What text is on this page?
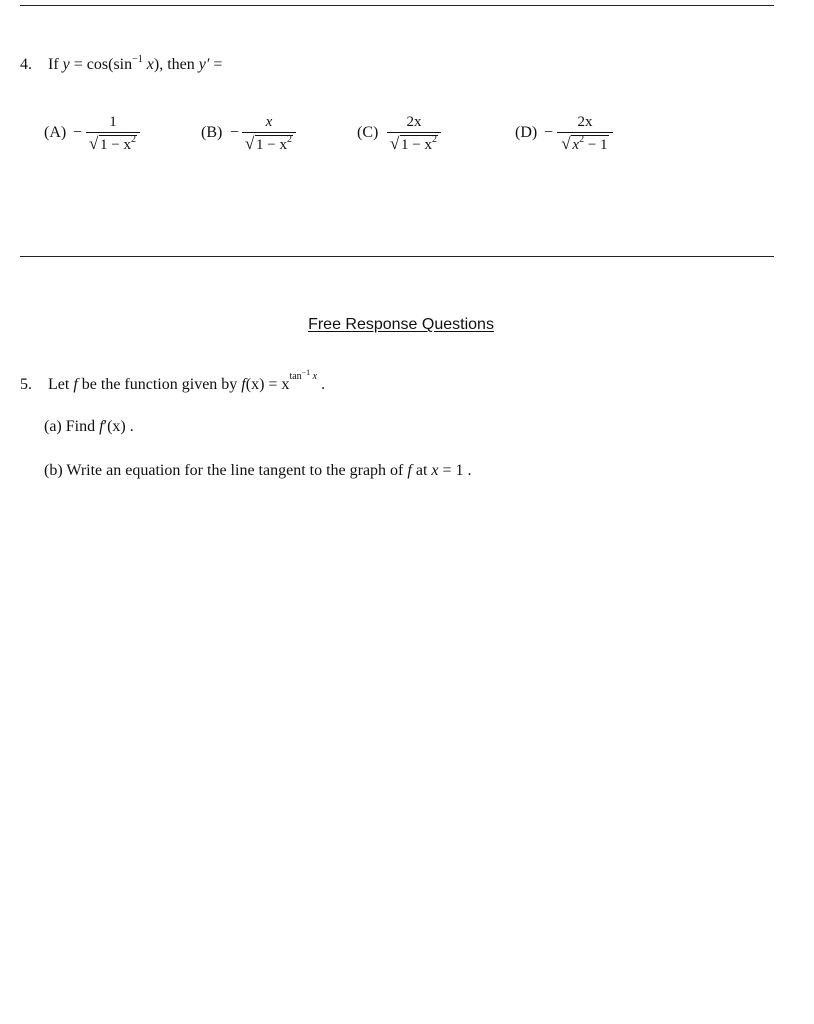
4. If $y = \cos(\sin^{-1}$ x), then y′ =
(A) −
1
√ $1 - x^2$	(B) −
x
√ $1 - x^2$	(C)
2x
√ $1 - x^2$	(D) −
2x
√ $x^2 - 1$
Free Response Questions
5. Let f be the function given by $f(x) = x^{tan^{-1} x}$ .
(a) Find f′(x) .
(b) Write an equation for the line tangent to the graph of f at x = 1 .
